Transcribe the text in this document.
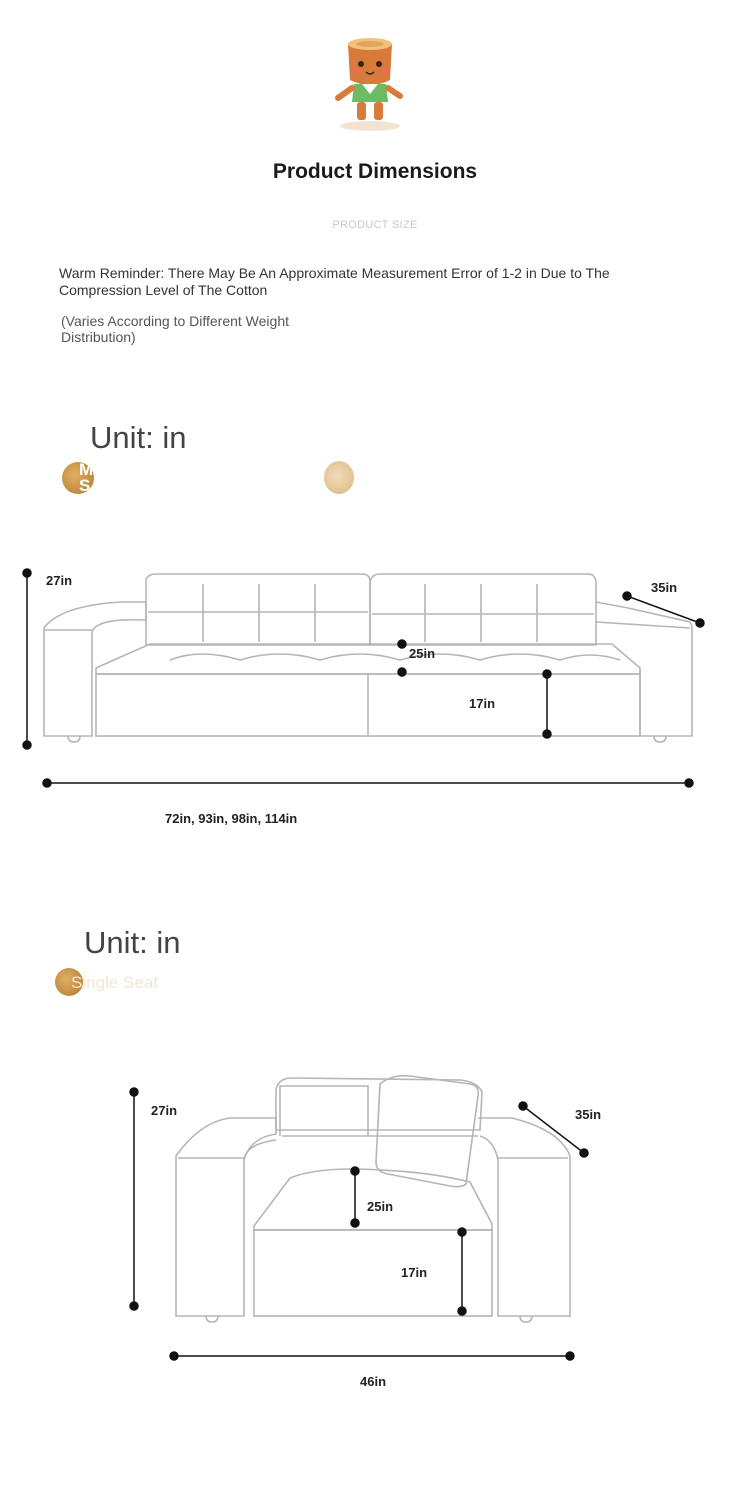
Product Dimensions
PRODUCT SIZE
Warm Reminder: There May Be An Approximate Measurement Error of 1-2 in Due to The Compression Level of The Cotton
(Varies According to Different Weight Distribution)
Unit: in
M S
27in	35in
25in
17in
72in, 93in, 98in, 114in
Unit: in
Single Seat
27in	35in
25in
17in
46in
